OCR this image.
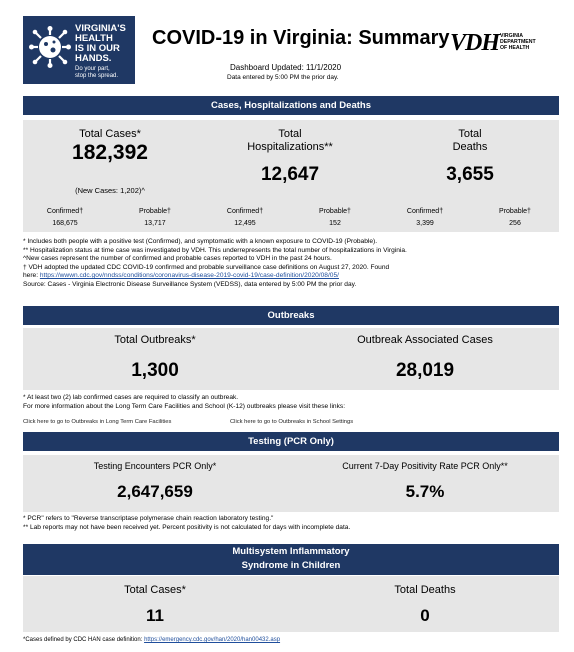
VIRGINIA'S
HEALTH
IS IN OUR
HANDS.
Do your part,
stop the spread.
COVID-19 in Virginia: Summary VDH VIRGINIA
DEPARTMENT
OF HEALTH
Dashboard Updated: 11/1/2020
Data entered by 5:00 PM the prior day.
Cases, Hospitalizations and Deaths
Total Cases*
182,392
(New Cases: 1,202)^
Total
Hospitalizations**
12,647
Total
Deaths
3,655
Confirmed†
168,675
Probable†
13,717
Confirmed†
12,495
Probable†
152
Confirmed†
3,399
Probable†
256
* Includes both people with a positive test (Confirmed), and symptomatic with a known exposure to COVID-19 (Probable).
** Hospitalization status at time case was investigated by VDH. This underrepresents the total number of hospitalizations in Virginia.
^New cases represent the number of confirmed and probable cases reported to VDH in the past 24 hours.
† VDH adopted the updated CDC COVID-19 confirmed and probable surveillance case definitions on August 27, 2020. Found
here: https://wwwn.cdc.gov/nndss/conditions/coronavirus-disease-2019-covid-19/case-definition/2020/08/05/
Source: Cases - Virginia Electronic Disease Surveillance System (VEDSS), data entered by 5:00 PM the prior day.
Outbreaks
Total Outbreaks*
1,300
Outbreak Associated Cases
28,019
* At least two (2) lab confirmed cases are required to classify an outbreak.
For more information about the Long Term Care Facilities and School (K-12) outbreaks please visit these links:
Click here to go to Outbreaks in Long Term Care Facilities	Click here to go to Outbreaks in School Settings
Testing (PCR Only)
Testing Encounters PCR Only*
2,647,659
Current 7-Day Positivity Rate PCR Only**
5.7%
* PCR" refers to "Reverse transcriptase polymerase chain reaction laboratory testing."
** Lab reports may not have been received yet. Percent positivity is not calculated for days with incomplete data.
Multisystem Inflammatory
Syndrome in Children
Total Cases*
11
Total Deaths
0
*Cases defined by CDC HAN case definition: https://emergency.cdc.gov/han/2020/han00432.asp
